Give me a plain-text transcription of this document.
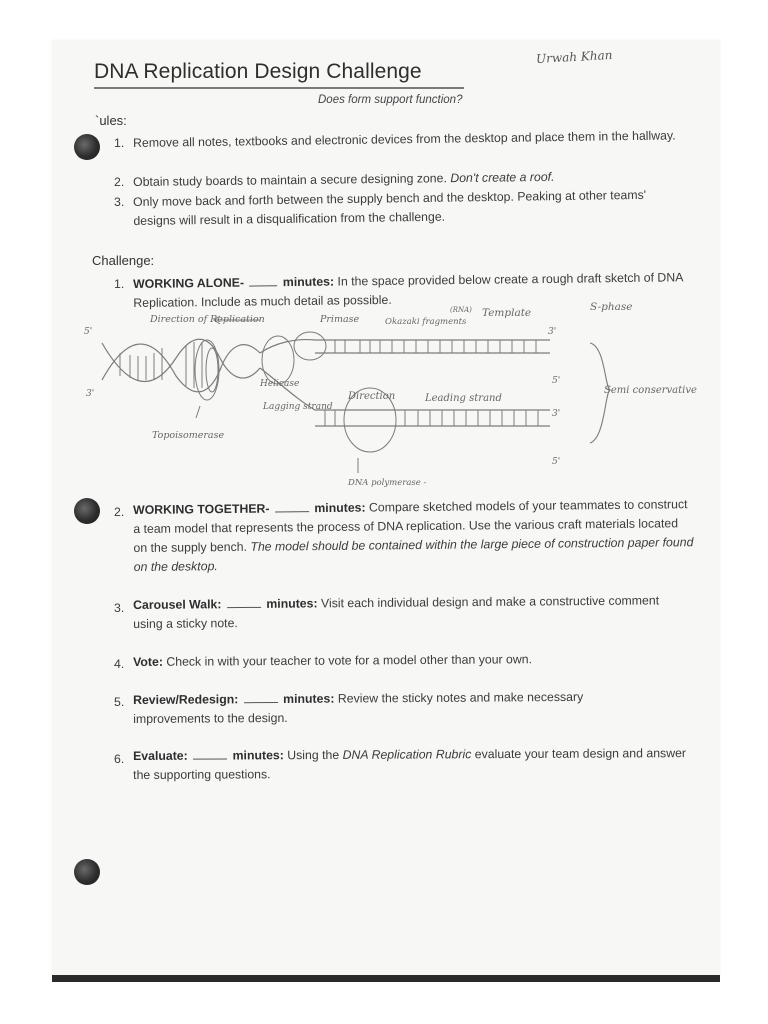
DNA Replication Design Challenge
Urwah Khan
Does form support function?
`ules:
1. Remove all notes, textbooks and electronic devices from the desktop and place them in the hallway.
2. Obtain study boards to maintain a secure designing zone. Don't create a roof.
3. Only move back and forth between the supply bench and the desktop. Peaking at other teams' designs will result in a disqualification from the challenge.
Challenge:
1. WORKING ALONE-	minutes: In the space provided below create a rough draft sketch of DNA Replication. Include as much detail as possible.
Direction of Replication	Primase	Okazaki fragments
(RNA) Template	S-phase
Helicase
Topoisomerase
Direction	Leading strand
Lagging strand
Semi conservative
DNA polymerase -
5'
3'
3'
5'
3'
5'
2. WORKING TOGETHER-	minutes: Compare sketched models of your teammates to construct a team model that represents the process of DNA replication. Use the various craft materials located on the supply bench. The model should be contained within the large piece of construction paper found on the desktop.
3. Carousel Walk:	minutes: Visit each individual design and make a constructive comment using a sticky note.
4. Vote: Check in with your teacher to vote for a model other than your own.
5. Review/Redesign:	minutes: Review the sticky notes and make necessary improvements to the design.
6. Evaluate:	minutes: Using the DNA Replication Rubric evaluate your team design and answer the supporting questions.
